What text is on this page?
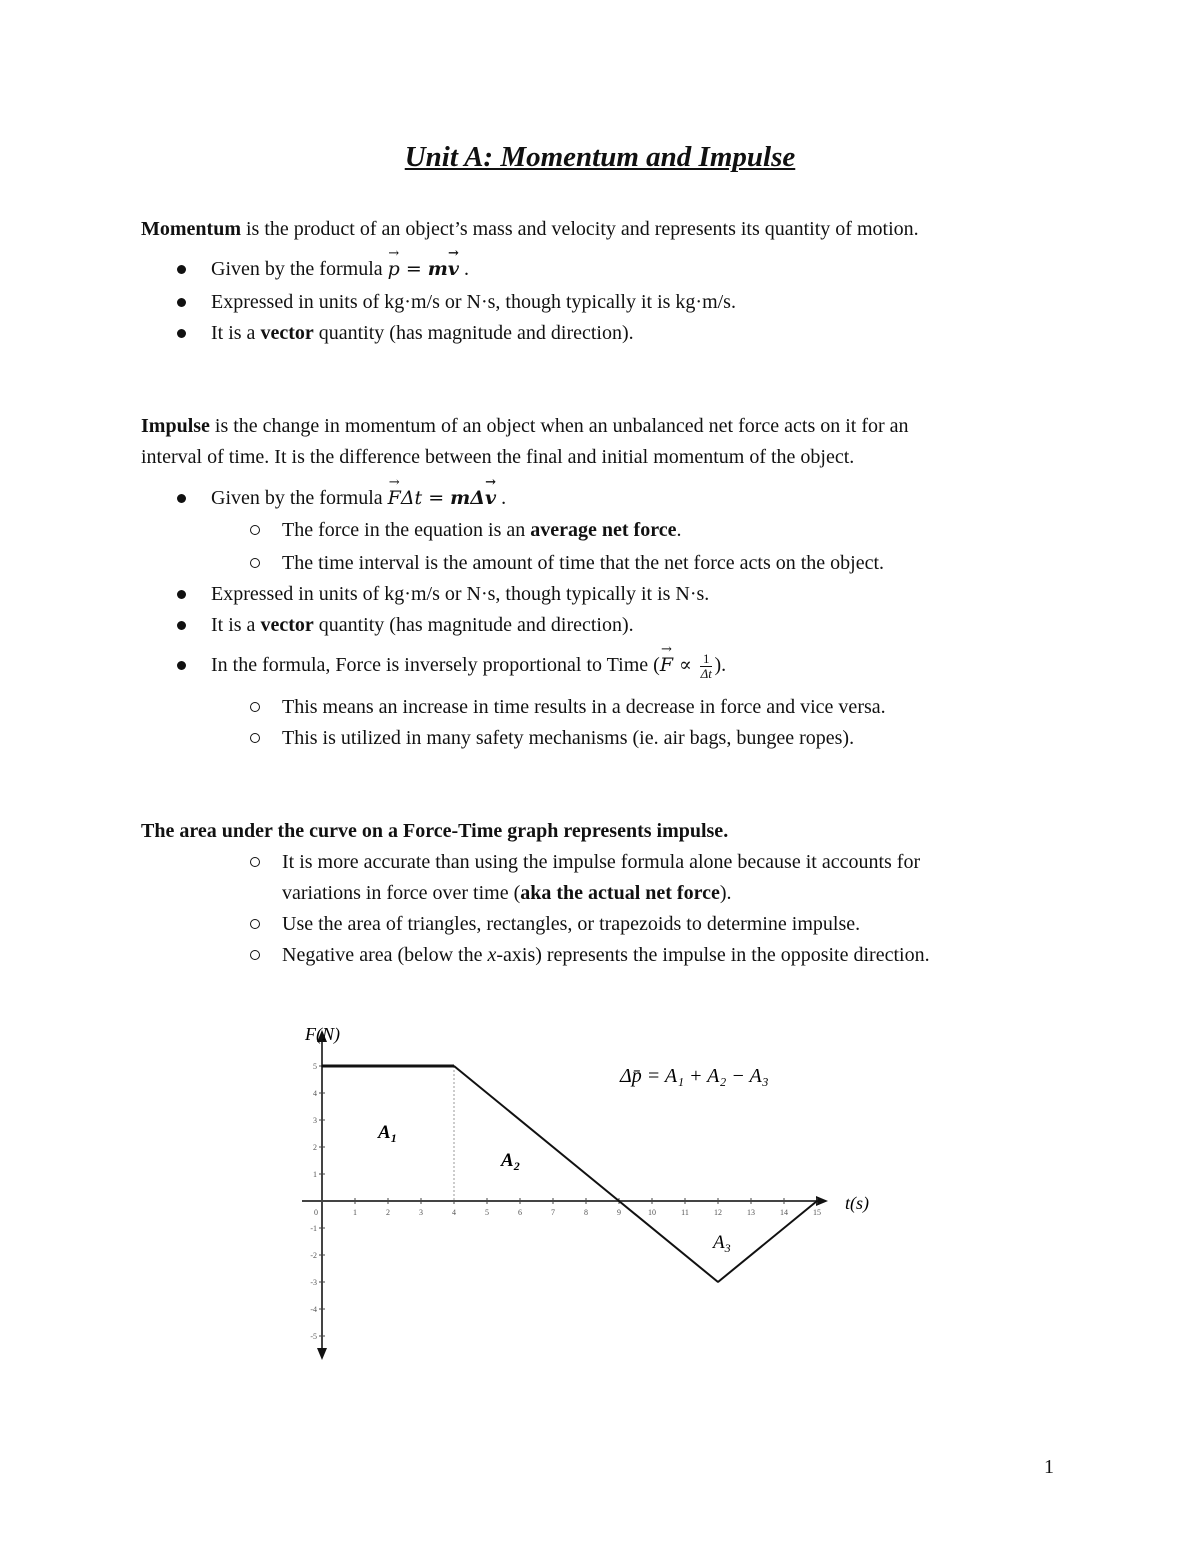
Unit A: Momentum and Impulse
Momentum is the product of an object’s mass and velocity and represents its quantity of motion.
Given by the formula → p = m→ v .
Expressed in units of kg·m/s or N·s, though typically it is kg·m/s.
It is a vector quantity (has magnitude and direction).
Impulse is the change in momentum of an object when an unbalanced net force acts on it for an
interval of time. It is the difference between the final and initial momentum of the object.
Given by the formula → FΔt = mΔ→ v .
The force in the equation is an average net force.
The time interval is the amount of time that the net force acts on the object.
Expressed in units of kg·m/s or N·s, though typically it is N·s.
It is a vector quantity (has magnitude and direction).
In the formula, Force is inversely proportional to Time (→ $F \propto \frac{1}{\Delta t}$ ).
This means an increase in time results in a decrease in force and vice versa.
This is utilized in many safety mechanisms (ie. air bags, bungee ropes).
The area under the curve on a Force-Time graph represents impulse.
It is more accurate than using the impulse formula alone because it accounts for
variations in force over time (aka the actual net force).
Use the area of triangles, rectangles, or trapezoids to determine impulse.
Negative area (below the x-axis) represents the impulse in the opposite direction.
0	1	2	3	4	5	6	7	8	9	10	11	12	13	14	15
5
4
3
2
1
-1
-2
-3
-4
-5
F(N)
t(s)
Δp̄ = A₁ + A₂ − A₃
$A_1$
$A_2$
$A_3$
1
